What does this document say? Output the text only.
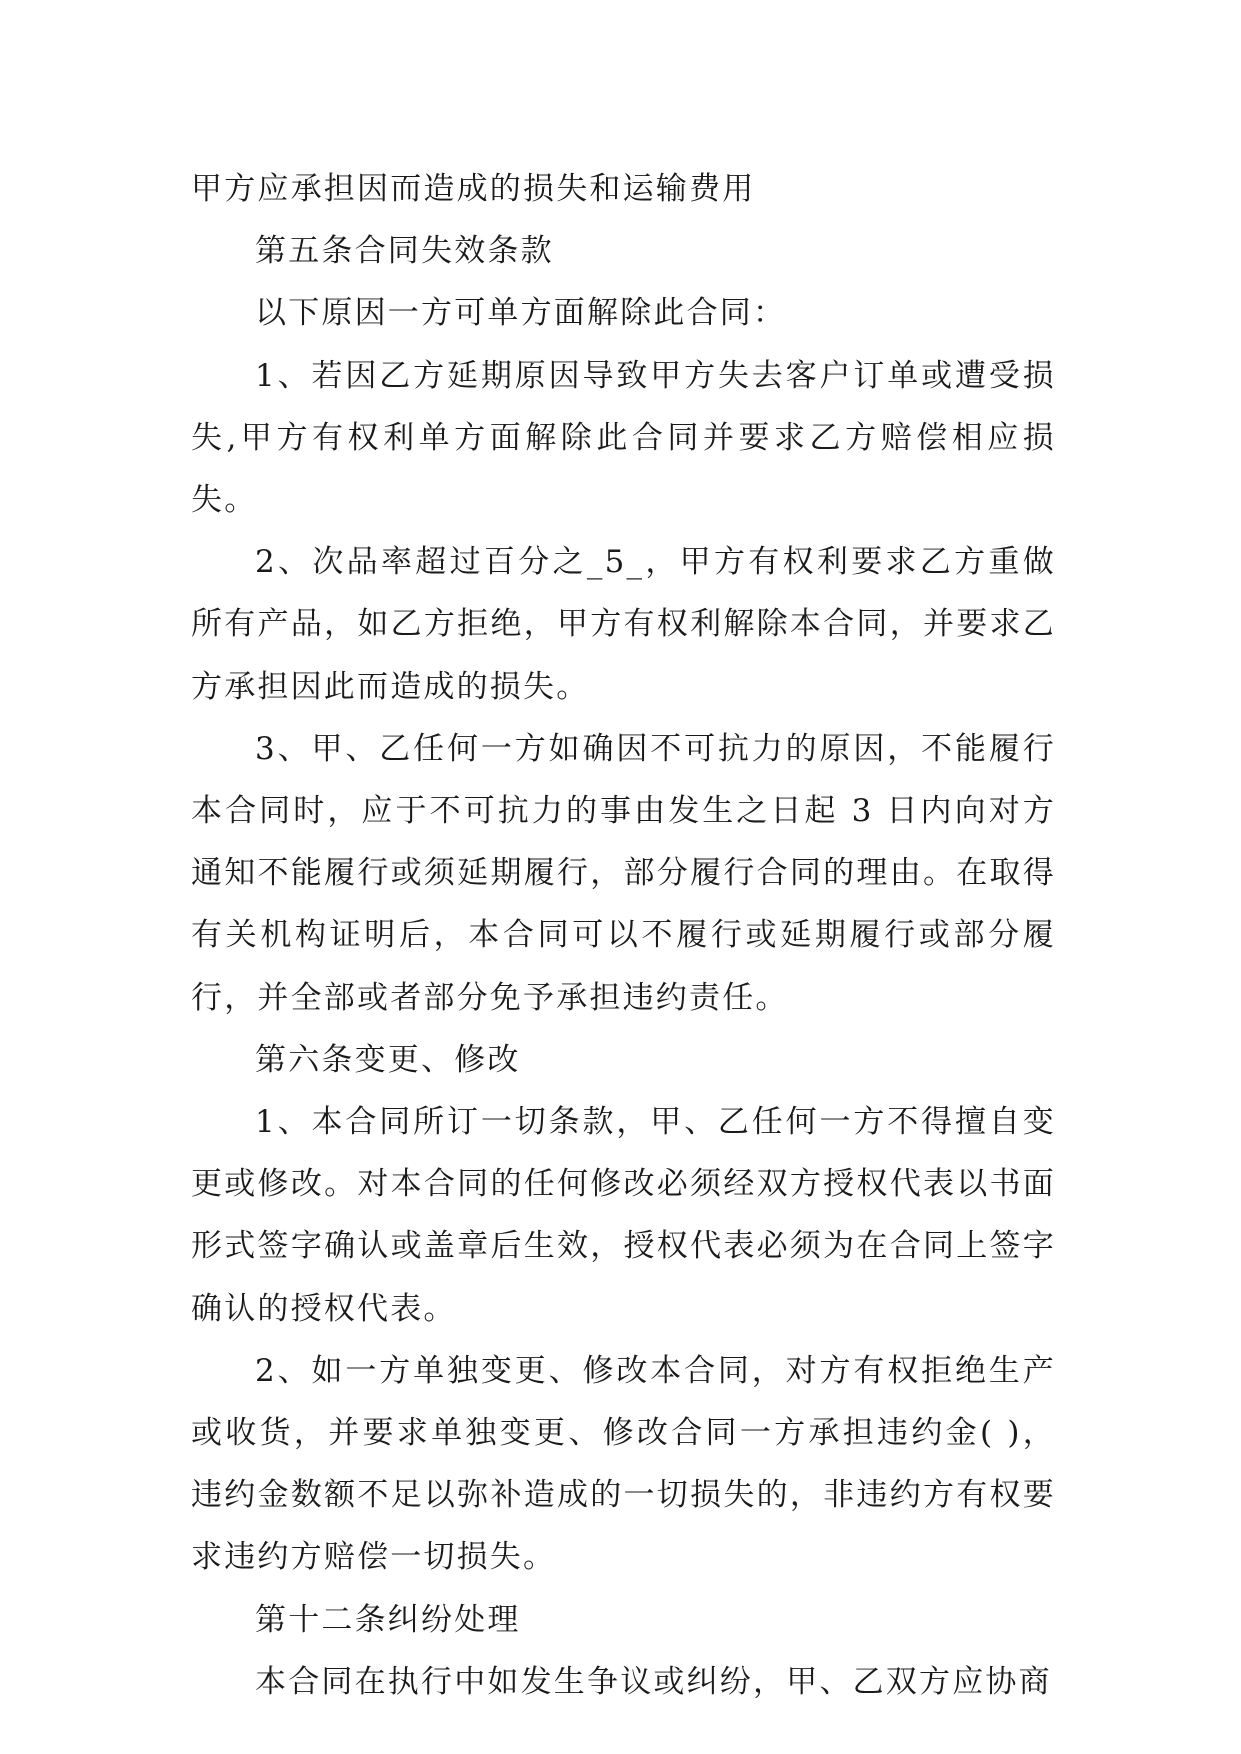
甲方应承担因而造成的损失和运输费用

第五条合同失效条款

以下原因一方可单方面解除此合同：

1、若因乙方延期原因导致甲方失去客户订单或遭受损失,甲方有权利单方面解除此合同并要求乙方赔偿相应损失。

2、次品率超过百分之_5_，甲方有权利要求乙方重做所有产品，如乙方拒绝，甲方有权利解除本合同，并要求乙方承担因此而造成的损失。

3、甲、乙任何一方如确因不可抗力的原因，不能履行本合同时，应于不可抗力的事由发生之日起 3 日内向对方通知不能履行或须延期履行，部分履行合同的理由。在取得有关机构证明后，本合同可以不履行或延期履行或部分履行，并全部或者部分免予承担违约责任。

第六条变更、修改

1、本合同所订一切条款，甲、乙任何一方不得擅自变更或修改。对本合同的任何修改必须经双方授权代表以书面形式签字确认或盖章后生效，授权代表必须为在合同上签字确认的授权代表。

2、如一方单独变更、修改本合同，对方有权拒绝生产或收货，并要求单独变更、修改合同一方承担违约金( )，违约金数额不足以弥补造成的一切损失的，非违约方有权要求违约方赔偿一切损失。

第十二条纠纷处理

本合同在执行中如发生争议或纠纷，甲、乙双方应协商
